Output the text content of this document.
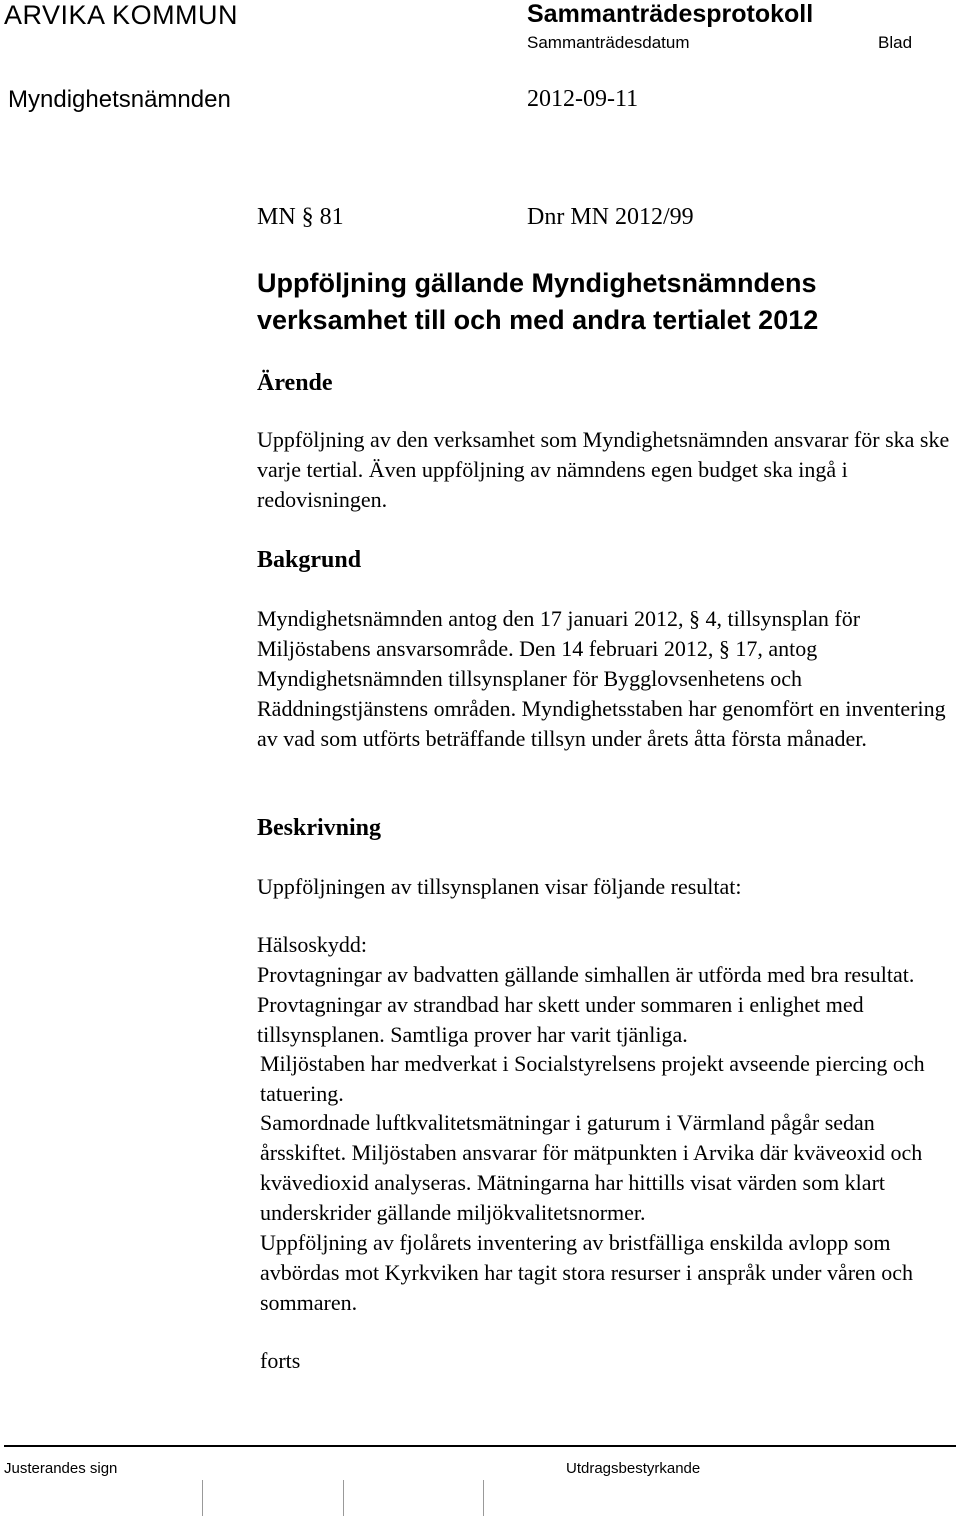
ARVIKA KOMMUN	Sammanträdesprotokoll
Sammanträdesdatum	Blad
Myndighetsnämnden	2012-09-11
MN § 81	Dnr MN 2012/99
Uppföljning gällande Myndighetsnämndens verksamhet till och med andra tertialet 2012
Ärende
Uppföljning av den verksamhet som Myndighetsnämnden ansvarar för ska ske varje tertial. Även uppföljning av nämndens egen budget ska ingå i redovisningen.
Bakgrund
Myndighetsnämnden antog den 17 januari 2012, § 4, tillsynsplan för Miljöstabens ansvarsområde. Den 14 februari 2012, § 17, antog Myndighetsnämnden tillsynsplaner för Bygglovsenhetens och Räddningstjänstens områden. Myndighetsstaben har genomfört en inventering av vad som utförts beträffande tillsyn under årets åtta första månader.
Beskrivning
Uppföljningen av tillsynsplanen visar följande resultat:
Hälsoskydd:
Provtagningar av badvatten gällande simhallen är utförda med bra resultat. Provtagningar av strandbad har skett under sommaren i enlighet med tillsynsplanen. Samtliga prover har varit tjänliga.
Miljöstaben har medverkat i Socialstyrelsens projekt avseende piercing och tatuering.
Samordnade luftkvalitetsmätningar i gaturum i Värmland pågår sedan årsskiftet. Miljöstaben ansvarar för mätpunkten i Arvika där kväveoxid och kvävedioxid analyseras. Mätningarna har hittills visat värden som klart underskrider gällande miljökvalitetsnormer.
Uppföljning av fjolårets inventering av bristfälliga enskilda avlopp som avbördas mot Kyrkviken har tagit stora resurser i anspråk under våren och sommaren.
forts
Justerandes sign	Utdragsbestyrkande
